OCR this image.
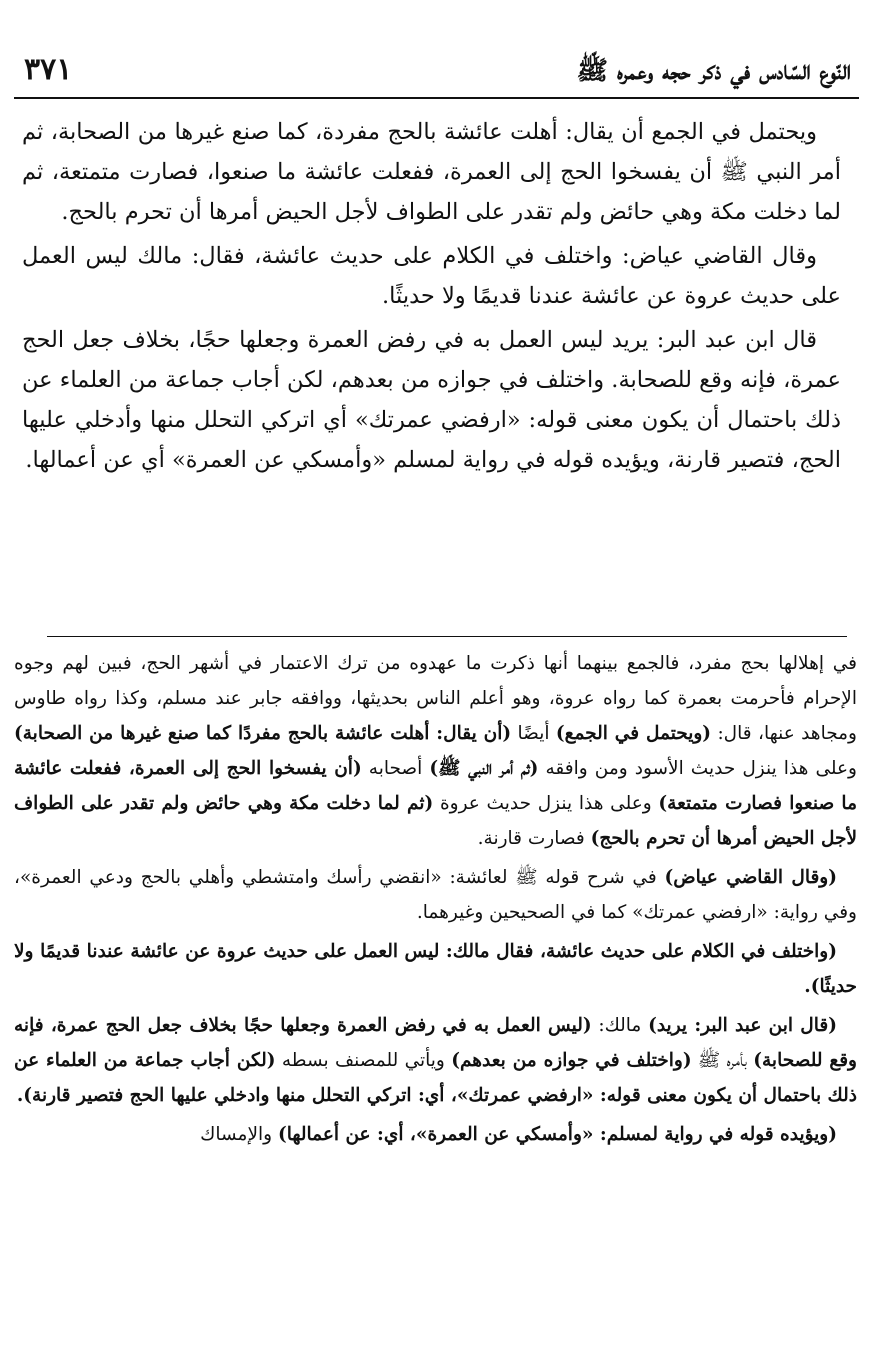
٣٧١	النّوع السّادس في ذكر حجه وعمره ﷺ

ويحتمل في الجمع أن يقال: أهلت عائشة بالحج مفردة، كما صنع غيرها من الصحابة، ثم أمر النبي ﷺ أن يفسخوا الحج إلى العمرة، ففعلت عائشة ما صنعوا، فصارت متمتعة، ثم لما دخلت مكة وهي حائض ولم تقدر على الطواف لأجل الحيض أمرها أن تحرم بالحج.

وقال القاضي عياض: واختلف في الكلام على حديث عائشة، فقال: مالك ليس العمل على حديث عروة عن عائشة عندنا قديمًا ولا حديثًا.

قال ابن عبد البر: يريد ليس العمل به في رفض العمرة وجعلها حجًا، بخلاف جعل الحج عمرة، فإنه وقع للصحابة. واختلف في جوازه من بعدهم، لكن أجاب جماعة من العلماء عن ذلك باحتمال أن يكون معنى قوله: «ارفضي عمرتك» أي اتركي التحلل منها وأدخلي عليها الحج، فتصير قارنة، ويؤيده قوله في رواية لمسلم «وأمسكي عن العمرة» أي عن أعمالها.

في إهلالها بحج مفرد، فالجمع بينهما أنها ذكرت ما عهدوه من ترك الاعتمار في أشهر الحج، فبين لهم وجوه الإحرام فأحرمت بعمرة كما رواه عروة، وهو أعلم الناس بحديثها، ووافقه جابر عند مسلم، وكذا رواه طاوس ومجاهد عنها، قال: (ويحتمل في الجمع) أيضًا (أن يقال: أهلت عائشة بالحج مفردًا كما صنع غيرها من الصحابة) وعلى هذا ينزل حديث الأسود ومن وافقه (ثم أمر النبي ﷺ) أصحابه (أن يفسخوا الحج إلى العمرة، ففعلت عائشة ما صنعوا فصارت متمتعة) وعلى هذا ينزل حديث عروة (ثم لما دخلت مكة وهي حائض ولم تقدر على الطواف لأجل الحيض أمرها أن تحرم بالحج) فصارت قارنة.

(وقال القاضي عياض) في شرح قوله ﷺ لعائشة: «انقضي رأسك وامتشطي وأهلي بالحج ودعي العمرة»، وفي رواية: «ارفضي عمرتك» كما في الصحيحين وغيرهما.

(واختلف في الكلام على حديث عائشة، فقال مالك: ليس العمل على حديث عروة عن عائشة عندنا قديمًا ولا حديثًا).

(قال ابن عبد البر: يريد) مالك: (ليس العمل به في رفض العمرة وجعلها حجًا بخلاف جعل الحج عمرة، فإنه وقع للصحابة) بأمره ﷺ (واختلف في جوازه من بعدهم) ويأتي للمصنف بسطه (لكن أجاب جماعة من العلماء عن ذلك باحتمال أن يكون معنى قوله: «ارفضي عمرتك»، أي: اتركي التحلل منها وادخلي عليها الحج فتصير قارنة).

(ويؤيده قوله في رواية لمسلم: «وأمسكي عن العمرة»، أي: عن أعمالها) والإمساك
